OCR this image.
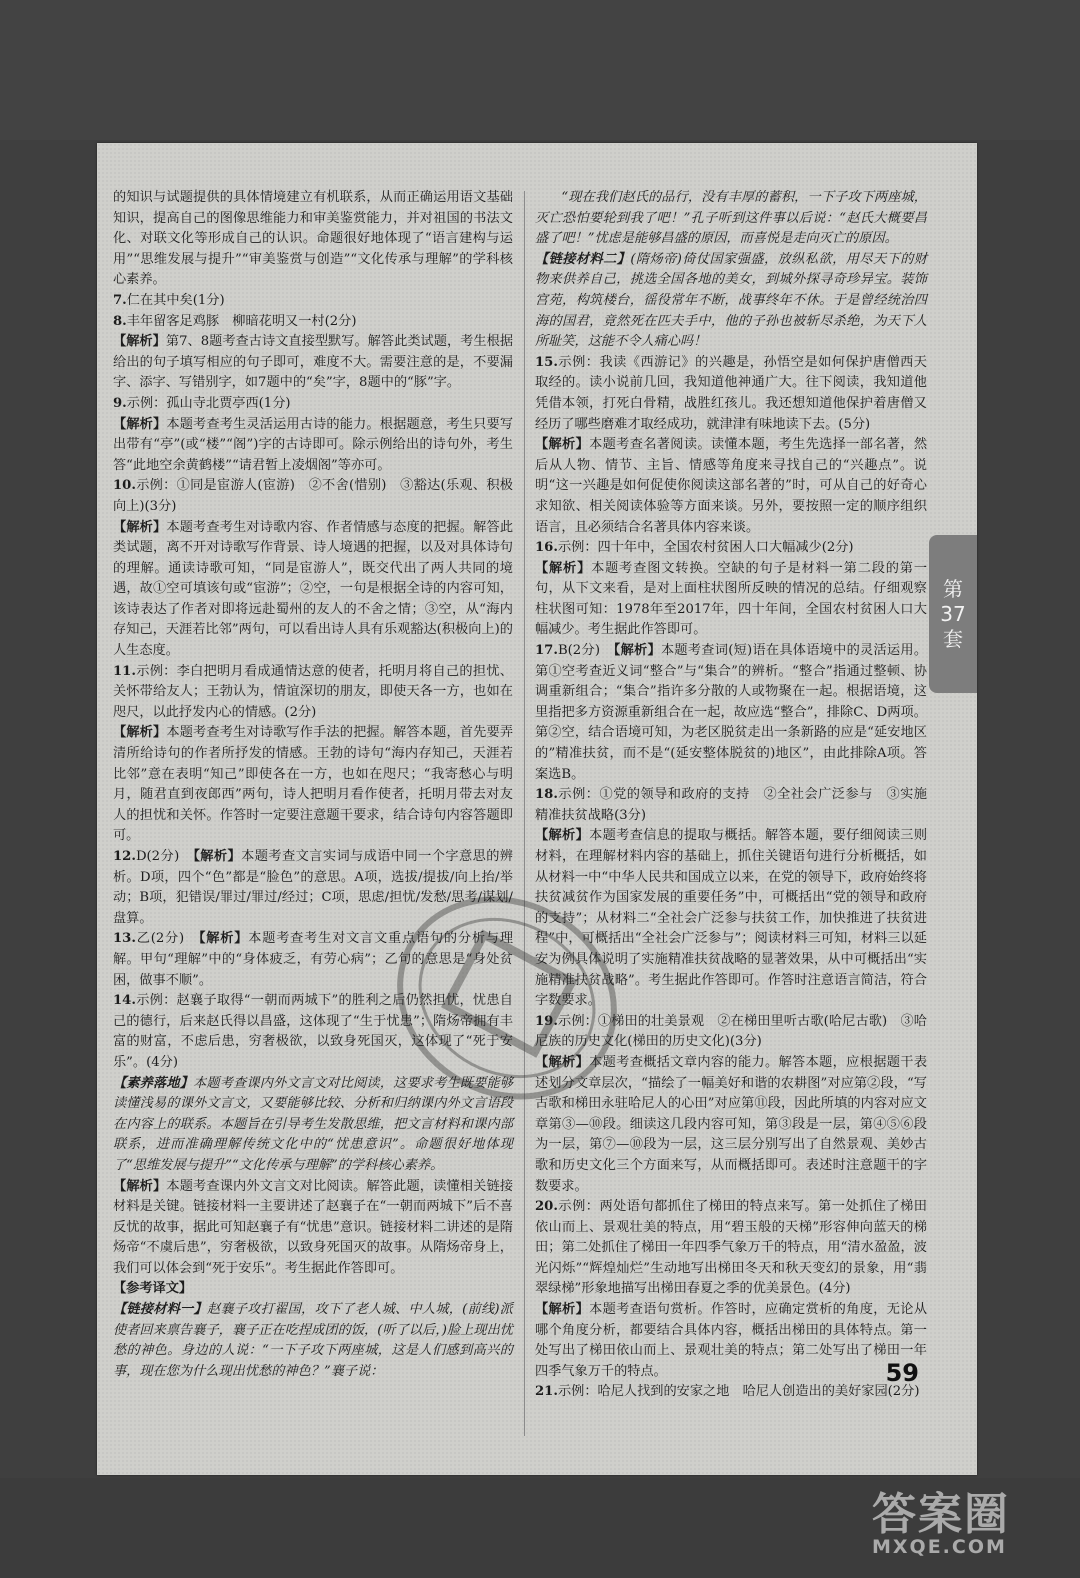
的知识与试题提供的具体情境建立有机联系，从而正确运用语文基础知识，提高自己的图像思维能力和审美鉴赏能力，并对祖国的书法文化、对联文化等形成自己的认识。命题很好地体现了“语言建构与运用”“思维发展与提升”“审美鉴赏与创造”“文化传承与理解”的学科核心素养。

7.仁在其中矣(1分)

8.丰年留客足鸡豚　柳暗花明又一村(2分)

【解析】第7、8题考查古诗文直接型默写。解答此类试题，考生根据给出的句子填写相应的句子即可，难度不大。需要注意的是，不要漏字、添字、写错别字，如7题中的“矣”字，8题中的“豚”字。

9.示例：孤山寺北贾亭西(1分)

【解析】本题考查考生灵活运用古诗的能力。根据题意，考生只要写出带有“亭”(或“楼”“阁”)字的古诗即可。除示例给出的诗句外，考生答“此地空余黄鹤楼”“请君暂上凌烟阁”等亦可。

10.示例：①同是宦游人(宦游)　②不舍(惜别)　③豁达(乐观、积极向上)(3分)

【解析】本题考查考生对诗歌内容、作者情感与态度的把握。解答此类试题，离不开对诗歌写作背景、诗人境遇的把握，以及对具体诗句的理解。通读诗歌可知，“同是宦游人”，既交代出了两人共同的境遇，故①空可填该句或“宦游”；②空，一句是根据全诗的内容可知，该诗表达了作者对即将远赴蜀州的友人的不舍之情；③空，从“海内存知己，天涯若比邻”两句，可以看出诗人具有乐观豁达(积极向上)的人生态度。

11.示例：李白把明月看成通情达意的使者，托明月将自己的担忧、关怀带给友人；王勃认为，情谊深切的朋友，即使天各一方，也如在咫尺，以此抒发内心的情感。(2分)

【解析】本题考查考生对诗歌写作手法的把握。解答本题，首先要弄清所给诗句的作者所抒发的情感。王勃的诗句“海内存知己，天涯若比邻”意在表明“知己”即使各在一方，也如在咫尺；“我寄愁心与明月，随君直到夜郎西”两句，诗人把明月看作使者，托明月带去对友人的担忧和关怀。作答时一定要注意题干要求，结合诗句内容答题即可。

12.D(2分)　【解析】本题考查文言实词与成语中同一个字意思的辨析。D项，四个“色”都是“脸色”的意思。A项，选拔/提拔/向上抬/举动；B项，犯错误/罪过/罪过/经过；C项，思虑/担忧/发愁/思考/谋划/盘算。

13.乙(2分)　【解析】本题考查考生对文言文重点语句的分析与理解。甲句“理解”中的“身体疲乏，有劳心病”；乙句的意思是“身处贫困，做事不顺”。

14.示例：赵襄子取得“一朝而两城下”的胜利之后仍然担忧，忧患自己的德行，后来赵氏得以昌盛，这体现了“生于忧患”；隋炀帝拥有丰富的财富，不虑后患，穷奢极欲，以致身死国灭，这体现了“死于安乐”。(4分)

【素养落地】本题考查课内外文言文对比阅读，这要求考生既要能够读懂浅易的课外文言文，又要能够比较、分析和归纳课内外文言语段在内容上的联系。本题旨在引导考生发散思维，把文言材料和课内部联系，进而准确理解传统文化中的“忧患意识”。命题很好地体现了“思维发展与提升”“文化传承与理解”的学科核心素养。

【解析】本题考查课内外文言文对比阅读。解答此题，读懂相关链接材料是关键。链接材料一主要讲述了赵襄子在“一朝而两城下”后不喜反忧的故事，据此可知赵襄子有“忧患”意识。链接材料二讲述的是隋炀帝“不虞后患”，穷奢极欲，以致身死国灭的故事。从隋炀帝身上，我们可以体会到“死于安乐”。考生据此作答即可。

【参考译文】

【链接材料一】赵襄子攻打翟国，攻下了老人城、中人城，(前线)派使者回来禀告襄子，襄子正在吃捏成团的饭，(听了以后，)脸上现出忧愁的神色。身边的人说：“一下子攻下两座城，这是人们感到高兴的事，现在您为什么现出忧愁的神色？”襄子说：

“现在我们赵氏的品行，没有丰厚的蓄积，一下子攻下两座城，灭亡恐怕要轮到我了吧！”孔子听到这件事以后说：“赵氏大概要昌盛了吧！”忧虑是能够昌盛的原因，而喜悦是走向灭亡的原因。

【链接材料二】(隋炀帝)倚仗国家强盛，放纵私欲，用尽天下的财物来供养自己，挑选全国各地的美女，到城外探寻奇珍异宝。装饰宫苑，构筑楼台，徭役常年不断，战事终年不休。于是曾经统治四海的国君，竟然死在匹夫手中，他的子孙也被斩尽杀绝，为天下人所耻笑，这能不令人痛心吗！

15.示例：我读《西游记》的兴趣是，孙悟空是如何保护唐僧西天取经的。读小说前几回，我知道他神通广大。往下阅读，我知道他凭借本领，打死白骨精，战胜红孩儿。我还想知道他保护着唐僧又经历了哪些磨难才取经成功，就津津有味地读下去。(5分)

【解析】本题考查名著阅读。读懂本题，考生先选择一部名著，然后从人物、情节、主旨、情感等角度来寻找自己的“兴趣点”。说明“这一兴趣是如何促使你阅读这部名著的”时，可从自己的好奇心求知欲、相关阅读体验等方面来谈。另外，要按照一定的顺序组织语言，且必须结合名著具体内容来谈。

16.示例：四十年中，全国农村贫困人口大幅减少(2分)

【解析】本题考查图文转换。空缺的句子是材料一第二段的第一句，从下文来看，是对上面柱状图所反映的情况的总结。仔细观察柱状图可知：1978年至2017年，四十年间，全国农村贫困人口大幅减少。考生据此作答即可。

17.B(2分)　【解析】本题考查词(短)语在具体语境中的灵活运用。第①空考查近义词“整合”与“集合”的辨析。“整合”指通过整顿、协调重新组合；“集合”指许多分散的人或物聚在一起。根据语境，这里指把多方资源重新组合在一起，故应选“整合”，排除C、D两项。第②空，结合语境可知，为老区脱贫走出一条新路的应是“延安地区的”精准扶贫，而不是“(延安整体脱贫的)地区”，由此排除A项。答案选B。

18.示例：①党的领导和政府的支持　②全社会广泛参与　③实施精准扶贫战略(3分)

【解析】本题考查信息的提取与概括。解答本题，要仔细阅读三则材料，在理解材料内容的基础上，抓住关键语句进行分析概括，如从材料一中“中华人民共和国成立以来，在党的领导下，政府始终将扶贫减贫作为国家发展的重要任务”中，可概括出“党的领导和政府的支持”；从材料二“全社会广泛参与扶贫工作，加快推进了扶贫进程”中，可概括出“全社会广泛参与”；阅读材料三可知，材料三以延安为例具体说明了实施精准扶贫战略的显著效果，从中可概括出“实施精准扶贫战略”。考生据此作答即可。作答时注意语言简洁，符合字数要求。

19.示例：①梯田的壮美景观　②在梯田里听古歌(哈尼古歌)　③哈尼族的历史文化(梯田的历史文化)(3分)

【解析】本题考查概括文章内容的能力。解答本题，应根据题干表述划分文章层次，“描绘了一幅美好和谐的农耕图”对应第②段，“写古歌和梯田永驻哈尼人的心田”对应第⑪段，因此所填的内容对应文章第③—⑩段。细读这几段内容可知，第③段是一层，第④⑤⑥段为一层，第⑦—⑩段为一层，这三层分别写出了自然景观、美妙古歌和历史文化三个方面来写，从而概括即可。表述时注意题干的字数要求。

20.示例：两处语句都抓住了梯田的特点来写。第一处抓住了梯田依山而上、景观壮美的特点，用“碧玉般的天梯”形容伸向蓝天的梯田；第二处抓住了梯田一年四季气象万千的特点，用“清水盈盈，波光闪烁”“辉煌灿烂”生动地写出梯田冬天和秋天变幻的景象，用“翡翠绿梯”形象地描写出梯田春夏之季的优美景色。(4分)

【解析】本题考查语句赏析。作答时，应确定赏析的角度，无论从哪个角度分析，都要结合具体内容，概括出梯田的具体特点。第一处写出了梯田依山而上、景观壮美的特点；第二处写出了梯田一年四季气象万千的特点。

21.示例：哈尼人找到的安家之地　哈尼人创造出的美好家园(2分)

第
37
套
59
答案圈
MXQE.COM
